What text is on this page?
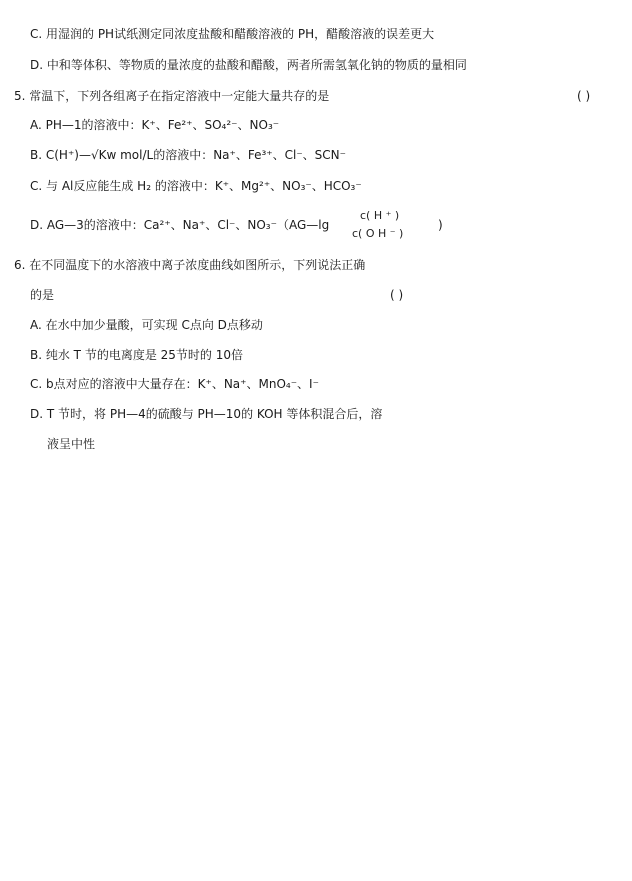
C. 用湿润的 PH试纸测定同浓度盐酸和醋酸溶液的 PH，醋酸溶液的误差更大
D. 中和等体积、等物质的量浓度的盐酸和醋酸，两者所需氢氧化钠的物质的量相同
5. 常温下，下列各组离子在指定溶液中一定能大量共存的是	( )
A. PH—1的溶液中：K⁺、Fe²⁺、SO₄²⁻、NO₃⁻
B. C(H⁺)—√Kw mol/L的溶液中：Na⁺、Fe³⁺、Cl⁻、SCN⁻
C. 与 Al反应能生成 H₂ 的溶液中：K⁺、Mg²⁺、NO₃⁻、HCO₃⁻
D. AG—3的溶液中：Ca²⁺、Na⁺、Cl⁻、NO₃⁻（AG—lg
c( H ⁺ )
c( O H ⁻ )
)
6. 在不同温度下的水溶液中离子浓度曲线如图所示，下列说法正确
的是	( )
A. 在水中加少量酸，可实现 C点向 D点移动
B. 纯水 T 节的电离度是 25节时的 10倍
C. b点对应的溶液中大量存在：K⁺、Na⁺、MnO₄⁻、I⁻
D. T 节时，将 PH—4的硫酸与 PH—10的 KOH 等体积混合后，溶
液呈中性
